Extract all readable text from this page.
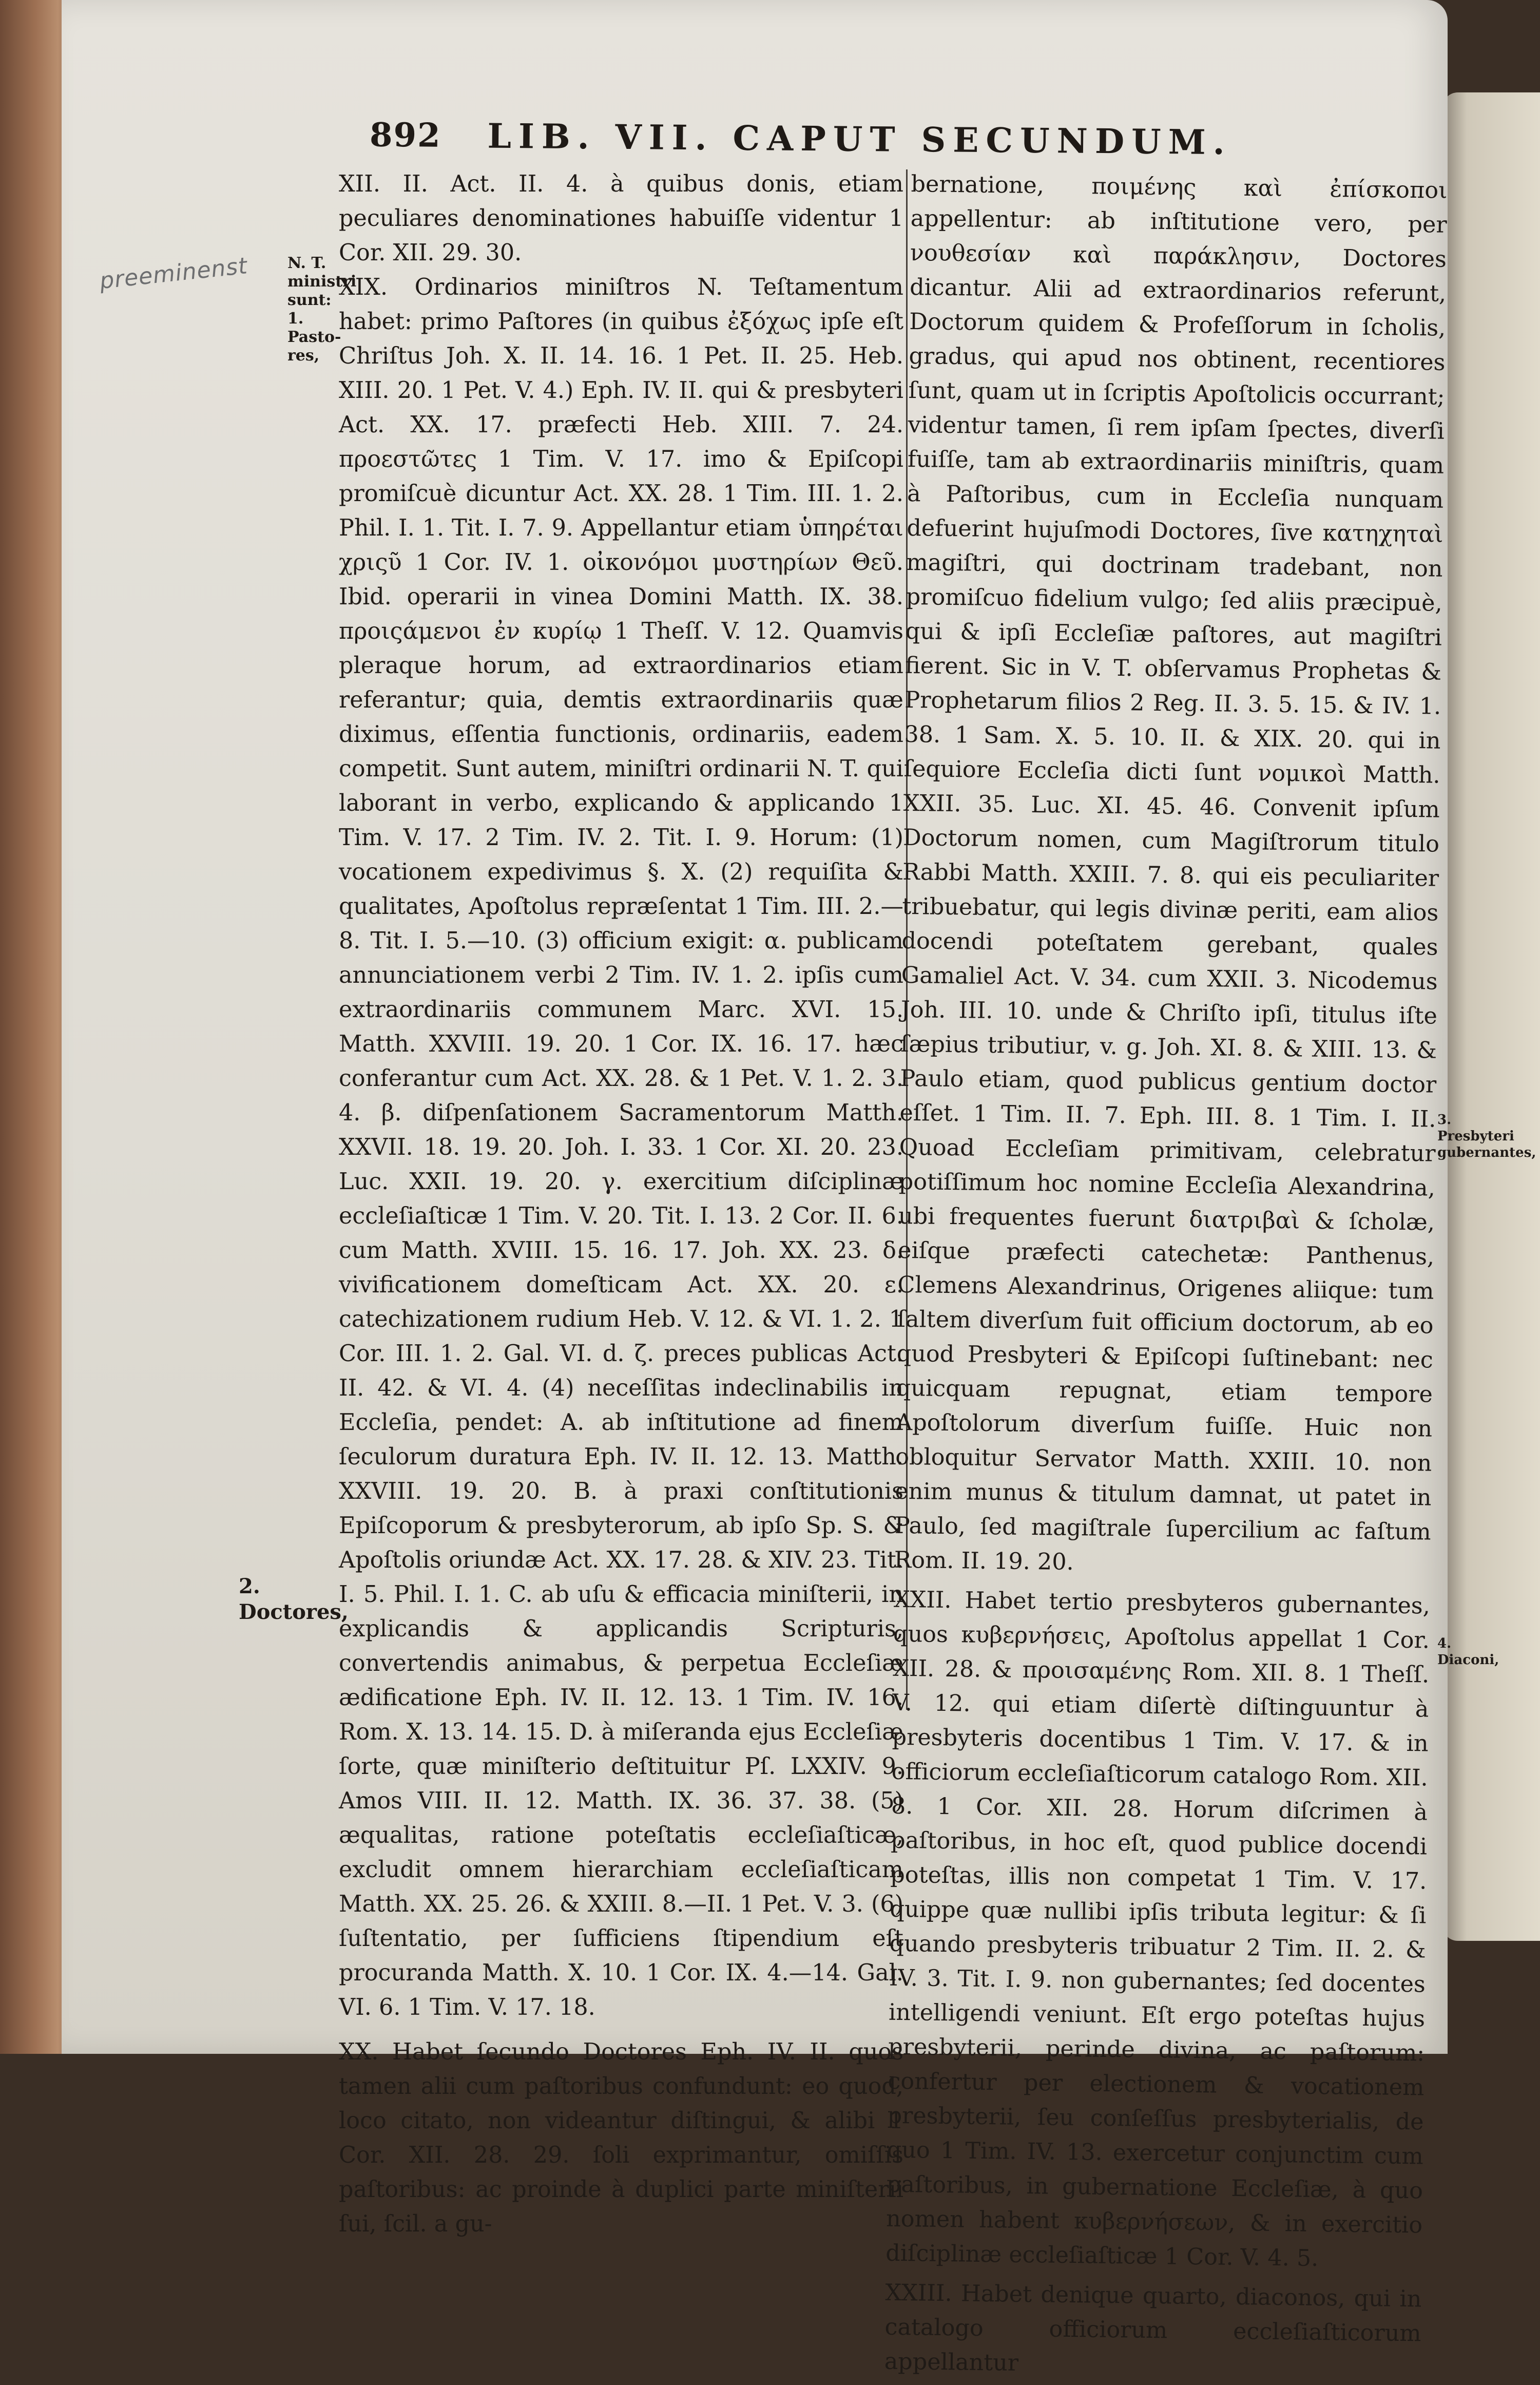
892 LIB. VII. CAPUT SECUNDUM.
preeminenst	N. T. ministri sunt: 1. Pasto-res,
2. Doctores,
3. Presbyteri gubernantes,
4. Diaconi,

XII. II. Act. II. 4. à quibus donis, etiam peculiares denominationes habuiſſe videntur 1 Cor. XII. 29. 30.

XIX. Ordinarios miniſtros N. Teſtamentum habet: primo Paſtores (in quibus ἐξόχως ipſe eſt Chriſtus Joh. X. II. 14. 16. 1 Pet. II. 25. Heb. XIII. 20. 1 Pet. V. 4.) Eph. IV. II. qui & presbyteri Act. XX. 17. præfecti Heb. XIII. 7. 24. προεστῶτες 1 Tim. V. 17. imo & Epiſcopi promiſcuè dicuntur Act. XX. 28. 1 Tim. III. 1. 2. Phil. I. 1. Tit. I. 7. 9. Appellantur etiam ὑπηρέται χριςῦ 1 Cor. IV. 1. οἰκονόμοι μυστηρίων Θεῦ. Ibid. operarii in vinea Domini Matth. IX. 38. προιςάμενοι ἐν κυρίῳ 1 Theſſ. V. 12. Quamvis pleraque horum, ad extraordinarios etiam referantur; quia, demtis extraordinariis quæ diximus, eſſentia functionis, ordinariis, eadem competit. Sunt autem, miniſtri ordinarii N. T. qui laborant in verbo, explicando & applicando 1 Tim. V. 17. 2 Tim. IV. 2. Tit. I. 9. Horum: (1) vocationem expedivimus §. X. (2) requiſita & qualitates, Apoſtolus repræſentat 1 Tim. III. 2.—8. Tit. I. 5.—10. (3) officium exigit: α. publicam annunciationem verbi 2 Tim. IV. 1. 2. ipſis cum extraordinariis communem Marc. XVI. 15. Matth. XXVIII. 19. 20. 1 Cor. IX. 16. 17. hæc conferantur cum Act. XX. 28. & 1 Pet. V. 1. 2. 3. 4. β. diſpenſationem Sacramentorum Matth. XXVII. 18. 19. 20. Joh. I. 33. 1 Cor. XI. 20. 23. Luc. XXII. 19. 20. γ. exercitium diſciplinæ eccleſiaſticæ 1 Tim. V. 20. Tit. I. 13. 2 Cor. II. 6. cum Matth. XVIII. 15. 16. 17. Joh. XX. 23. δ. vivificationem domeſticam Act. XX. 20. ε. catechizationem rudium Heb. V. 12. & VI. 1. 2. 1 Cor. III. 1. 2. Gal. VI. d. ζ. preces publicas Act. II. 42. & VI. 4. (4) neceſſitas indeclinabilis in Eccleſia, pendet: A. ab inſtitutione ad finem ſeculorum duratura Eph. IV. II. 12. 13. Matth. XXVIII. 19. 20. B. à praxi conſtitutionis Epiſcoporum & presbyterorum, ab ipſo Sp. S. & Apoſtolis oriundæ Act. XX. 17. 28. & XIV. 23. Tit. I. 5. Phil. I. 1. C. ab uſu & efficacia miniſterii, in explicandis & applicandis Scripturis, convertendis animabus, & perpetua Eccleſiæ ædificatione Eph. IV. II. 12. 13. 1 Tim. IV. 16. Rom. X. 13. 14. 15. D. à miſeranda ejus Eccleſiæ ſorte, quæ miniſterio deſtituitur Pſ. LXXIV. 9. Amos VIII. II. 12. Matth. IX. 36. 37. 38. (5) æqualitas, ratione poteſtatis eccleſiaſticæ, excludit omnem hierarchiam eccleſiaſticam Matth. XX. 25. 26. & XXIII. 8.—II. 1 Pet. V. 3. (6) ſuſtentatio, per ſufficiens ſtipendium eſt procuranda Matth. X. 10. 1 Cor. IX. 4.—14. Gal. VI. 6. 1 Tim. V. 17. 18.

XX. Habet ſecundo Doctores Eph. IV. II. quos tamen alii cum paſtoribus confundunt: eo quod, loco citato, non videantur diſtingui, & alibi 1 Cor. XII. 28. 29. ſoli exprimantur, omiſſis paſtoribus: ac proinde à duplici parte miniſterii ſui, ſcil. a gu-

bernatione, ποιμένης καὶ ἐπίσκοποι appellentur: ab inſtitutione vero, per νουθεσίαν καὶ παράκλησιν, Doctores dicantur. Alii ad extraordinarios referunt, Doctorum quidem & Profeſſorum in ſcholis, gradus, qui apud nos obtinent, recentiores ſunt, quam ut in ſcriptis Apoſtolicis occurrant; videntur tamen, ſi rem ipſam ſpectes, diverſi fuiſſe, tam ab extraordinariis miniſtris, quam à Paſtoribus, cum in Eccleſia nunquam defuerint hujuſmodi Doctores, ſive κατηχηταὶ magiſtri, qui doctrinam tradebant, non promiſcuo fidelium vulgo; ſed aliis præcipuè, qui & ipſi Eccleſiæ paſtores, aut magiſtri fierent. Sic in V. T. obſervamus Prophetas & Prophetarum filios 2 Reg. II. 3. 5. 15. & IV. 1. 38. 1 Sam. X. 5. 10. II. & XIX. 20. qui in ſequiore Eccleſia dicti ſunt νομικοὶ Matth. XXII. 35. Luc. XI. 45. 46. Convenit ipſum Doctorum nomen, cum Magiſtrorum titulo Rabbi Matth. XXIII. 7. 8. qui eis peculiariter tribuebatur, qui legis divinæ periti, eam alios docendi poteſtatem gerebant, quales Gamaliel Act. V. 34. cum XXII. 3. Nicodemus Joh. III. 10. unde & Chriſto ipſi, titulus iſte ſæpius tributiur, v. g. Joh. XI. 8. & XIII. 13. & Paulo etiam, quod publicus gentium doctor eſſet. 1 Tim. II. 7. Eph. III. 8. 1 Tim. I. II. Quoad Eccleſiam primitivam, celebratur potiſſimum hoc nomine Eccleſia Alexandrina, ubi frequentes fuerunt διατριβαὶ & ſcholæ, eiſque præfecti catechetæ: Panthenus, Clemens Alexandrinus, Origenes aliique: tum ſaltem diverſum fuit officium doctorum, ab eo quod Presbyteri & Epiſcopi ſuſtinebant: nec quicquam repugnat, etiam tempore Apoſtolorum diverſum fuiſſe. Huic non obloquitur Servator Matth. XXIII. 10. non enim munus & titulum damnat, ut patet in Paulo, ſed magiſtrale ſupercilium ac faſtum Rom. II. 19. 20.

XXII. Habet tertio presbyteros gubernantes, quos κυβερνήσεις, Apoſtolus appellat 1 Cor. XII. 28. & προισαμένης Rom. XII. 8. 1 Theſſ. V. 12. qui etiam diſertè diſtinguuntur à presbyteris docentibus 1 Tim. V. 17. & in officiorum eccleſiaſticorum catalogo Rom. XII. 8. 1 Cor. XII. 28. Horum diſcrimen à paſtoribus, in hoc eſt, quod publice docendi poteſtas, illis non competat 1 Tim. V. 17. quippe quæ nullibi ipſis tributa legitur: & ſi quando presbyteris tribuatur 2 Tim. II. 2. & IV. 3. Tit. I. 9. non gubernantes; ſed docentes intelligendi veniunt. Eſt ergo poteſtas hujus presbyterii, perinde divina, ac paſtorum: confertur per electionem & vocationem presbyterii, ſeu conſeſſus presbyterialis, de quo 1 Tim. IV. 13. exercetur conjunctim cum paſtoribus, in gubernatione Eccleſiæ, à quo nomen habent κυβερνήσεων, & in exercitio diſciplinæ eccleſiaſticæ 1 Cor. V. 4. 5.

XXIII. Habet denique quarto, diaconos, qui in catalogo officiorum eccleſiaſticorum appellantur
